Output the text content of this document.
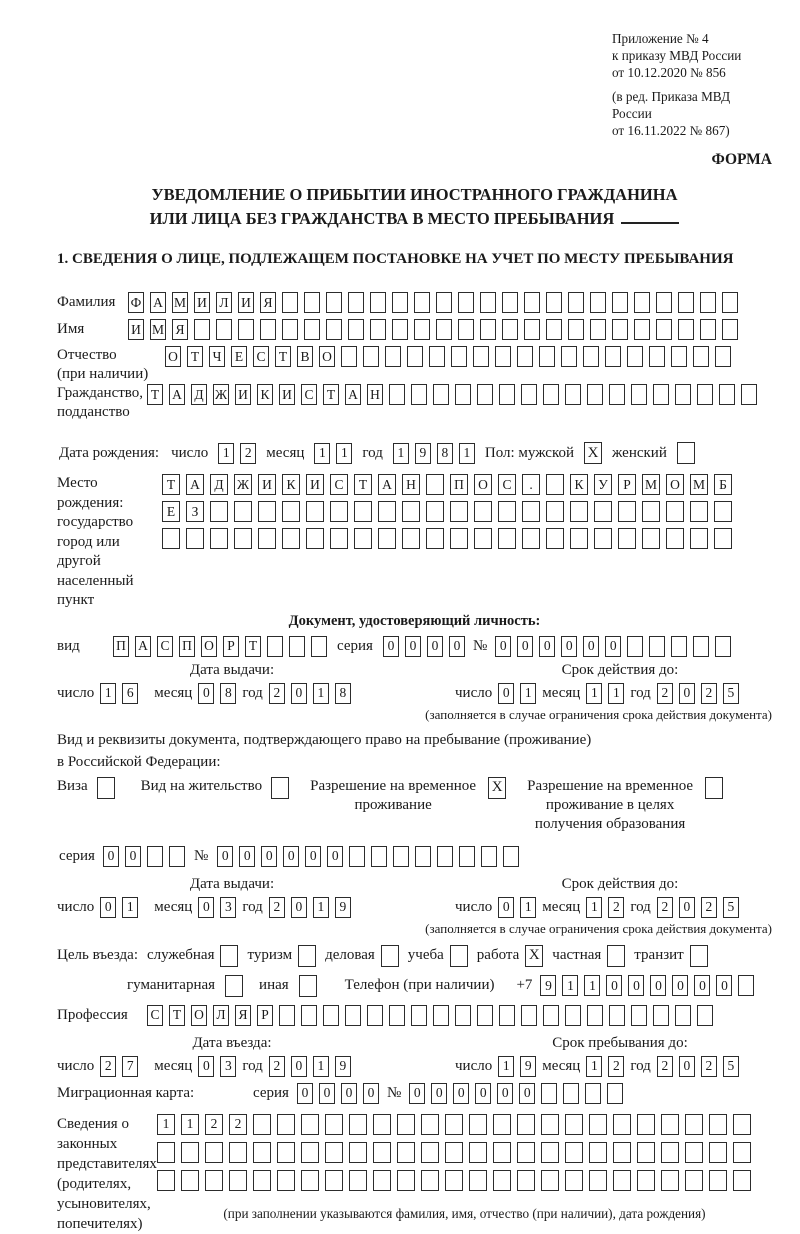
Приложение № 4
к приказу МВД России
от 10.12.2020 № 856
(в ред. Приказа МВД России
от 16.11.2022 № 867)
ФОРМА
УВЕДОМЛЕНИЕ О ПРИБЫТИИ ИНОСТРАННОГО ГРАЖДАНИНА
ИЛИ ЛИЦА БЕЗ ГРАЖДАНСТВА В МЕСТО ПРЕБЫВАНИЯ
1. СВЕДЕНИЯ О ЛИЦЕ, ПОДЛЕЖАЩЕМ ПОСТАНОВКЕ НА УЧЕТ ПО МЕСТУ ПРЕБЫВАНИЯ
Фамилия	Ф А М И Л И Я
Имя	И М Я
Отчество
(при наличии)
О Т Ч Е С Т В О
Гражданство,
подданство
Т А Д Ж И К И С Т А Н
Дата рождения: число	1	2 месяц	1	1 год	1	9	8	1 Пол: мужской X женский
Место рождения:
государство
город или другой
населенный пункт
Т	А	Д Ж И	К	И	С	Т	А	Н	П	О	С	.	К	У	Р	М О М	Б

Е	З

Документ, удостоверяющий личность:
вид	П А С П О Р	Т	серия	0	0	0	0 № 0	0	0	0	0	0
Дата выдачи:	Срок действия до:
число 1	6	месяц 0	8 год 2	0	1	8	число 0	1 месяц 1	1 год 2	0	2	5
(заполняется в случае ограничения срока действия документа)
Вид и реквизиты документа, подтверждающего право на пребывание (проживание)
в Российской Федерации:
Виза	Вид на жительство	Разрешение на временное проживание
X Разрешение на временное проживание в целях получения образования
серия 0	0	№	0	0	0	0	0	0
Дата выдачи:	Срок действия до:
число 0	1	месяц 0	3 год 2	0	1	9	число 0	1 месяц 1	2 год 2	0	2	5
(заполняется в случае ограничения срока действия документа)
Цель въезда: служебная туризм деловая учеба работа X частная транзит
гуманитарная	иная	Телефон (при наличии) +7 9	1	1	0	0	0	0	0	0
Профессия	С Т О Л Я	Р
Дата въезда:	Срок пребывания до:
число 2	7	месяц 0	3 год 2	0	1	9	число 1	9 месяц 1	2 год 2	0	2	5
Миграционная карта:	серия 0	0	0	0 № 0	0	0	0	0	0
Сведения о
законных
представителях
(родителях,
усыновителях,
попечителях)
1	1	2	2

(при заполнении указываются фамилия, имя, отчество (при наличии), дата рождения)
